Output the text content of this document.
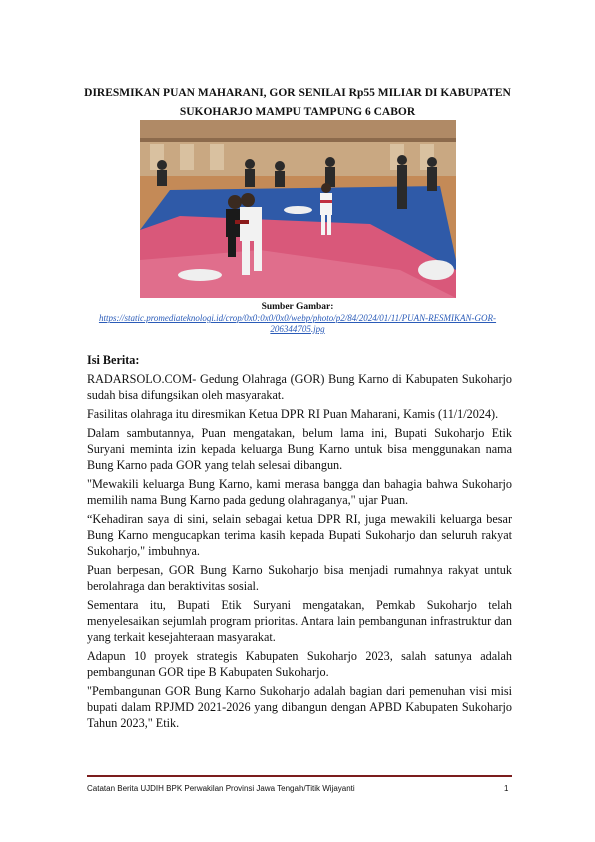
DIRESMIKAN PUAN MAHARANI, GOR SENILAI Rp55 MILIAR DI KABUPATEN SUKOHARJO MAMPU TAMPUNG 6 CABOR
Sumber Gambar:
https://static.promediateknologi.id/crop/0x0:0x0/0x0/webp/photo/p2/84/2024/01/11/PUAN-RESMIKAN-GOR-206344705.jpg
Isi Berita:

RADARSOLO.COM- Gedung Olahraga (GOR) Bung Karno di Kabupaten Sukoharjo sudah bisa difungsikan oleh masyarakat.

Fasilitas olahraga itu diresmikan Ketua DPR RI Puan Maharani, Kamis (11/1/2024).

Dalam sambutannya, Puan mengatakan, belum lama ini, Bupati Sukoharjo Etik Suryani meminta izin kepada keluarga Bung Karno untuk bisa menggunakan nama Bung Karno pada GOR yang telah selesai dibangun.

"Mewakili keluarga Bung Karno, kami merasa bangga dan bahagia bahwa Sukoharjo memilih nama Bung Karno pada gedung olahraganya," ujar Puan.

“Kehadiran saya di sini, selain sebagai ketua DPR RI, juga mewakili keluarga besar Bung Karno mengucapkan terima kasih kepada Bupati Sukoharjo dan seluruh rakyat Sukoharjo," imbuhnya.

Puan berpesan, GOR Bung Karno Sukoharjo bisa menjadi rumahnya rakyat untuk berolahraga dan beraktivitas sosial.

Sementara itu, Bupati Etik Suryani mengatakan, Pemkab Sukoharjo telah menyelesaikan sejumlah program prioritas. Antara lain pembangunan infrastruktur dan yang terkait kesejahteraan masyarakat.

Adapun 10 proyek strategis Kabupaten Sukoharjo 2023, salah satunya adalah pembangunan GOR tipe B Kabupaten Sukoharjo.

"Pembangunan GOR Bung Karno Sukoharjo adalah bagian dari pemenuhan visi misi bupati dalam RPJMD 2021-2026 yang dibangun dengan APBD Kabupaten Sukoharjo Tahun 2023," Etik.

Catatan Berita UJDIH BPK Perwakilan Provinsi Jawa Tengah/Titik Wijayanti	1
